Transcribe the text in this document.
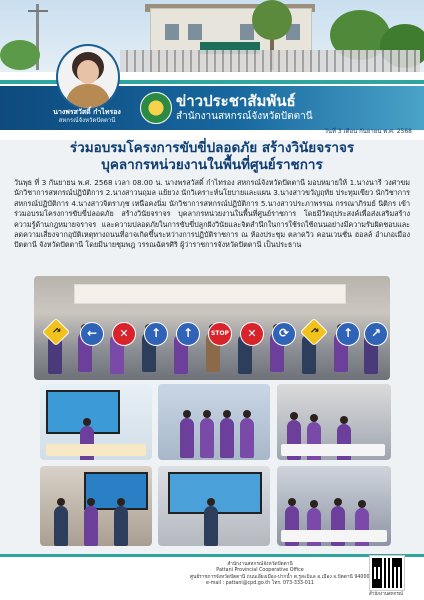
นางพรสวัสดิ์ ก๋าไทรอง
สหกรณ์จังหวัดปัตตานี
ข่าวประชาสัมพันธ์
สำนักงานสหกรณ์จังหวัดปัตตานี
วันที่ 3 เดือน กันยายน พ.ศ. 2568
ร่วมอบรมโครงการขับขี่ปลอดภัย สร้างวินัยจราจร
บุคลากรหน่วยงานในพื้นที่ศูนย์ราชการ
วันพุธ ที่ 3 กันยายน พ.ศ. 2568 เวลา 08.00 น. นางพรสวัสดิ์ ก๋าไทรอง สหกรณ์จังหวัดปัตตานี มอบหมายให้ 1.นางนารี วงศาขม นักวิชาการสหกรณ์ปฏิบัติการ 2.นางสาวนฤมล แย้ยวง นักวิเคราะห์นโยบายและแผน 3.นางสาวขวัญฤทัย ประทุมเขียว นักวิชาการสหกรณ์ปฏิบัติการ 4.นางสาวจิตราภุช เหนือคงนิ่ม นักวิชาการสหกรณ์ปฏิบัติการ 5.นางสาวประภาพรรณ กรรณาภิรมย์ นิติกร เข้าร่วมอบรมโครงการขับขี่ปลอดภัย สร้างวินัยจราจร บุคลากรหน่วยงานในพื้นที่ศูนย์ราชการ โดยมีวัตถุประสงค์เพื่อส่งเสริมสร้างความรู้ด้านกฎหมายจราจร และความปลอดภัยในการขับขี่ปลูกฝังวินัยและจิตสำนึกในการใช้รถใช้ถนนอย่างมีความรับผิดชอบและลดความเสี่ยงจากอุบัติเหตุทางถนนที่อาจเกิดขึ้นระหว่างการปฏิบัติราชการ ณ ห้องประชุม ตลาดวิว คอนเวนชั่น ฮอลล์ อำเภอเมืองปัตตานี จังหวัดปัตตานี โดยมีนายชุมพฎ วรรณฉัตรศิริ ผู้ว่าราชการจังหวัดปัตตานี เป็นประธาน
↱	←	✕	↑	↑	STOP	✕	⟳	↱	↑	↗
สำนักงานสหกรณ์จังหวัดปัตตานี
Pattani Provincial Cooperative Office
ศูนย์ราชการจังหวัดปัตตานี ถนนเลี่ยงเมือง-ปากน้ำ ต.รูสะมิแล อ.เมือง จ.ปัตตานี 94000
e-mail : pattani@cpd.go.th โทร. 073-333-011
สำนักงานสหกรณ์
